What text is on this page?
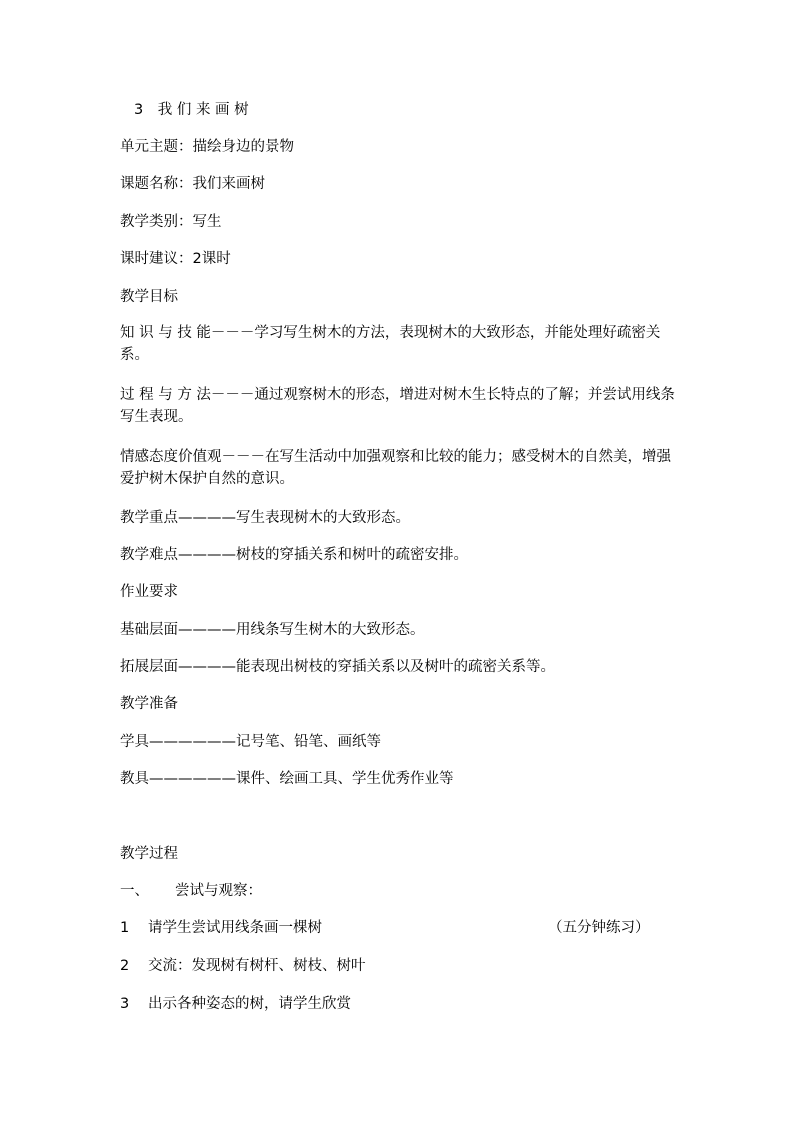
3　我 们 来 画 树
单元主题：描绘身边的景物
课题名称：我们来画树
教学类别：写生
课时建议：2课时
教学目标
知 识 与 技 能－－－学习写生树木的方法，表现树木的大致形态，并能处理好疏密关系。
过 程 与 方 法－－－通过观察树木的形态，增进对树木生长特点的了解；并尝试用线条写生表现。
情感态度价值观－－－在写生活动中加强观察和比较的能力；感受树木的自然美，增强爱护树木保护自然的意识。
教学重点————写生表现树木的大致形态。
教学难点————树枝的穿插关系和树叶的疏密安排。
作业要求
基础层面————用线条写生树木的大致形态。
拓展层面————能表现出树枝的穿插关系以及树叶的疏密关系等。
教学准备
学具——————记号笔、铅笔、画纸等
教具——————课件、绘画工具、学生优秀作业等
教学过程
一、 尝试与观察：
1 请学生尝试用线条画一棵树	（五分钟练习）
2 交流：发现树有树杆、树枝、树叶
3 出示各种姿态的树，请学生欣赏
